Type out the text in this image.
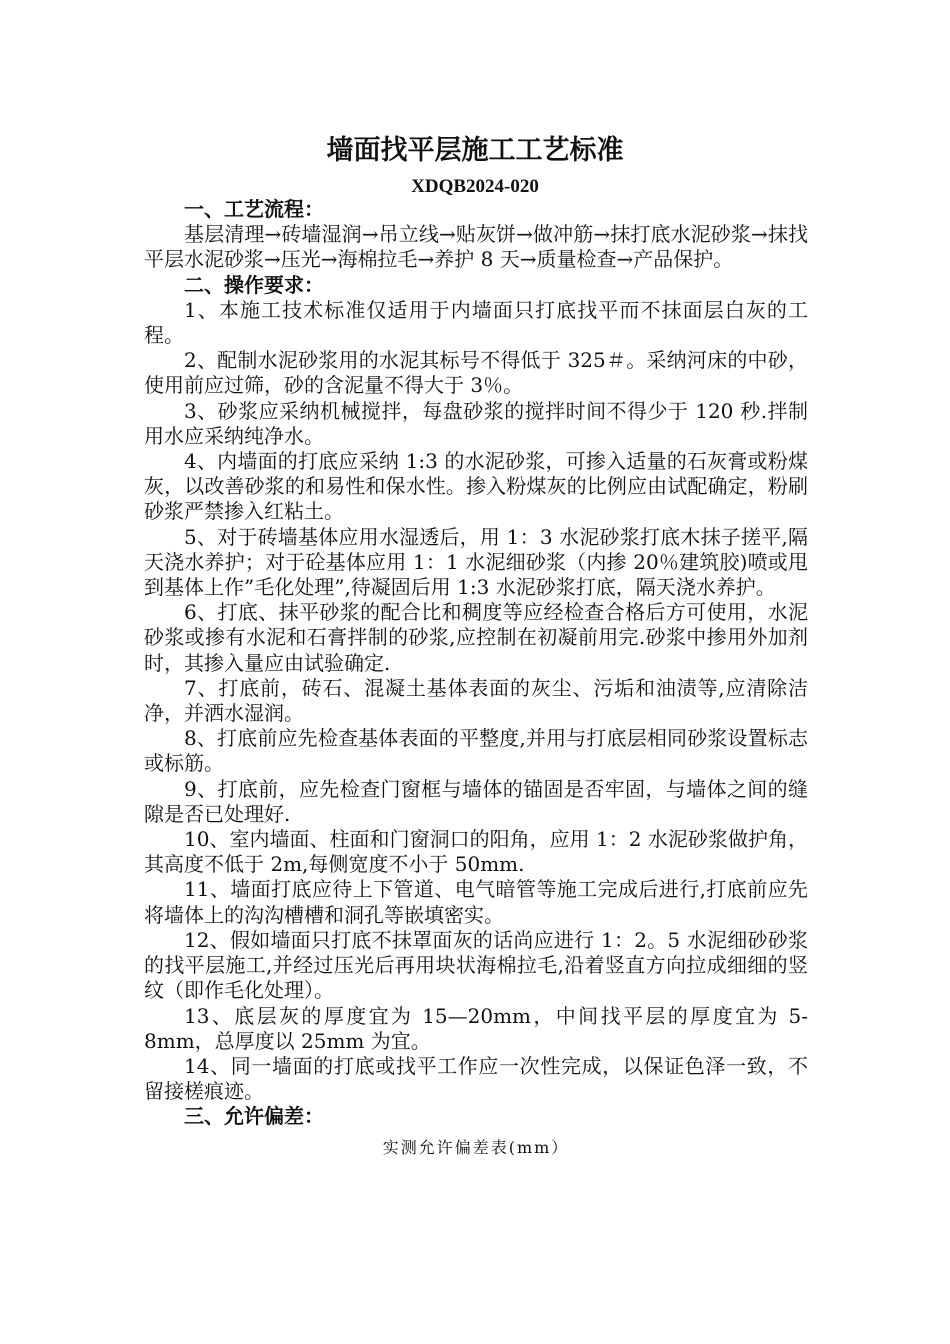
墙面找平层施工工艺标准
XDQB2024-020
一、工艺流程：

基层清理→砖墙湿润→吊立线→贴灰饼→做冲筋→抹打底水泥砂浆→抹找平层水泥砂浆→压光→海棉拉毛→养护 8 天→质量检查→产品保护。

二、操作要求：

1、本施工技术标准仅适用于内墙面只打底找平而不抹面层白灰的工程。

2、配制水泥砂浆用的水泥其标号不得低于 325＃。采纳河床的中砂，使用前应过筛，砂的含泥量不得大于 3％。

3、砂浆应采纳机械搅拌，每盘砂浆的搅拌时间不得少于 120 秒.拌制用水应采纳纯净水。

4、内墙面的打底应采纳 1:3 的水泥砂浆，可掺入适量的石灰膏或粉煤灰，以改善砂浆的和易性和保水性。掺入粉煤灰的比例应由试配确定，粉刷砂浆严禁掺入红粘土。

5、对于砖墙基体应用水湿透后，用 1：3 水泥砂浆打底木抹子搓平,隔天浇水养护；对于砼基体应用 1：1 水泥细砂浆（内掺 20％建筑胶)喷或甩到基体上作”毛化处理”,待凝固后用 1:3 水泥砂浆打底，隔天浇水养护。

6、打底、抹平砂浆的配合比和稠度等应经检查合格后方可使用，水泥砂浆或掺有水泥和石膏拌制的砂浆,应控制在初凝前用完.砂浆中掺用外加剂时，其掺入量应由试验确定.

7、打底前，砖石、混凝土基体表面的灰尘、污垢和油渍等,应清除洁净，并洒水湿润。

8、打底前应先检查基体表面的平整度,并用与打底层相同砂浆设置标志或标筋。

9、打底前，应先检查门窗框与墙体的锚固是否牢固，与墙体之间的缝隙是否已处理好.

10、室内墙面、柱面和门窗洞口的阳角，应用 1：2 水泥砂浆做护角，其高度不低于 2m,每侧宽度不小于 50mm.

11、墙面打底应待上下管道、电气暗管等施工完成后进行,打底前应先将墙体上的沟沟槽槽和洞孔等嵌填密实。

12、假如墙面只打底不抹罩面灰的话尚应进行 1：2。5 水泥细砂砂浆的找平层施工,并经过压光后再用块状海棉拉毛,沿着竖直方向拉成细细的竖纹（即作毛化处理）。

13、底层灰的厚度宜为 15—20mm，中间找平层的厚度宜为 5-8mm，总厚度以 25mm 为宜。

14、同一墙面的打底或找平工作应一次性完成，以保证色泽一致，不留接槎痕迹。

三、允许偏差：
实测允许偏差表(mm）
